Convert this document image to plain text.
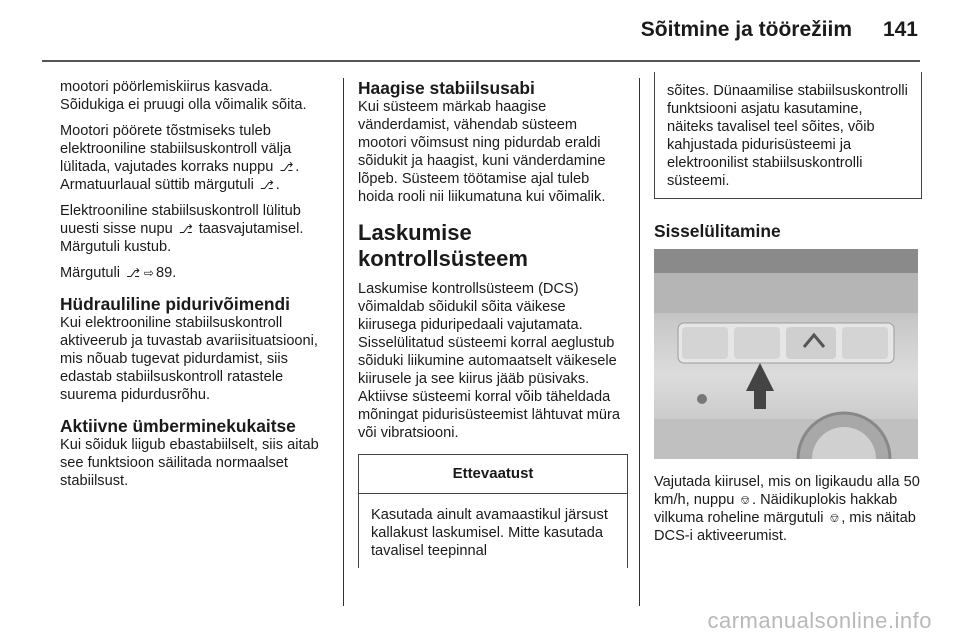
Sõitmine ja töörežiim 141

mootori pöörlemiskiirus kasvada. Sõidukiga ei pruugi olla võimalik sõita.

Mootori pöörete tõstmiseks tuleb elektrooniline stabiilsuskontroll välja lülitada, vajutades korraks nuppu ⎇ . Armatuurlaual süttib märgutuli ⎇ .

Elektrooniline stabiilsuskontroll lülitub uuesti sisse nupu ⎇ taasvajutamisel. Märgutuli kustub.

Märgutuli ⎇ ⇨ 89.

Hüdrauliline pidurivõimendi

Kui elektrooniline stabiilsuskontroll aktiveerub ja tuvastab avariisituatsiooni, mis nõuab tugevat pidurdamist, siis edastab stabiilsuskontroll ratastele suurema pidurdusrõhu.

Aktiivne ümberminekukaitse

Kui sõiduk liigub ebastabiilselt, siis aitab see funktsioon säilitada normaalset stabiilsust.

Haagise stabiilsusabi

Kui süsteem märkab haagise vänderdamist, vähendab süsteem mootori võimsust ning pidurdab eraldi sõidukit ja haagist, kuni vänderdamine lõpeb. Süsteem töötamise ajal tuleb hoida rooli nii liikumatuna kui võimalik.

Laskumise
kontrollsüsteem

Laskumise kontrollsüsteem (DCS) võimaldab sõidukil sõita väikese kiirusega piduripedaali vajutamata. Sisselülitatud süsteemi korral aeglustub sõiduki liikumine automaatselt väikesele kiirusele ja see kiirus jääb püsivaks. Aktiivse süsteemi korral võib täheldada mõningat pidurisüsteemist lähtuvat müra või vibratsiooni.

Ettevaatust
Kasutada ainult avamaastikul järsust kallakust laskumisel. Mitte kasutada tavalisel teepinnal
sõites. Dünaamilise stabiilsuskontrolli funktsiooni asjatu kasutamine, näiteks tavalisel teel sõites, võib kahjustada pidurisüsteemi ja elektroonilist stabiilsuskontrolli süsteemi.
Sisselülitamine

Vajutada kiirusel, mis on ligikaudu alla 50 km/h, nuppu ⎊ . Näidikuplokis hakkab vilkuma roheline märgutuli ⎊ , mis näitab DCS-i aktiveerumist.

carmanualsonline.info
